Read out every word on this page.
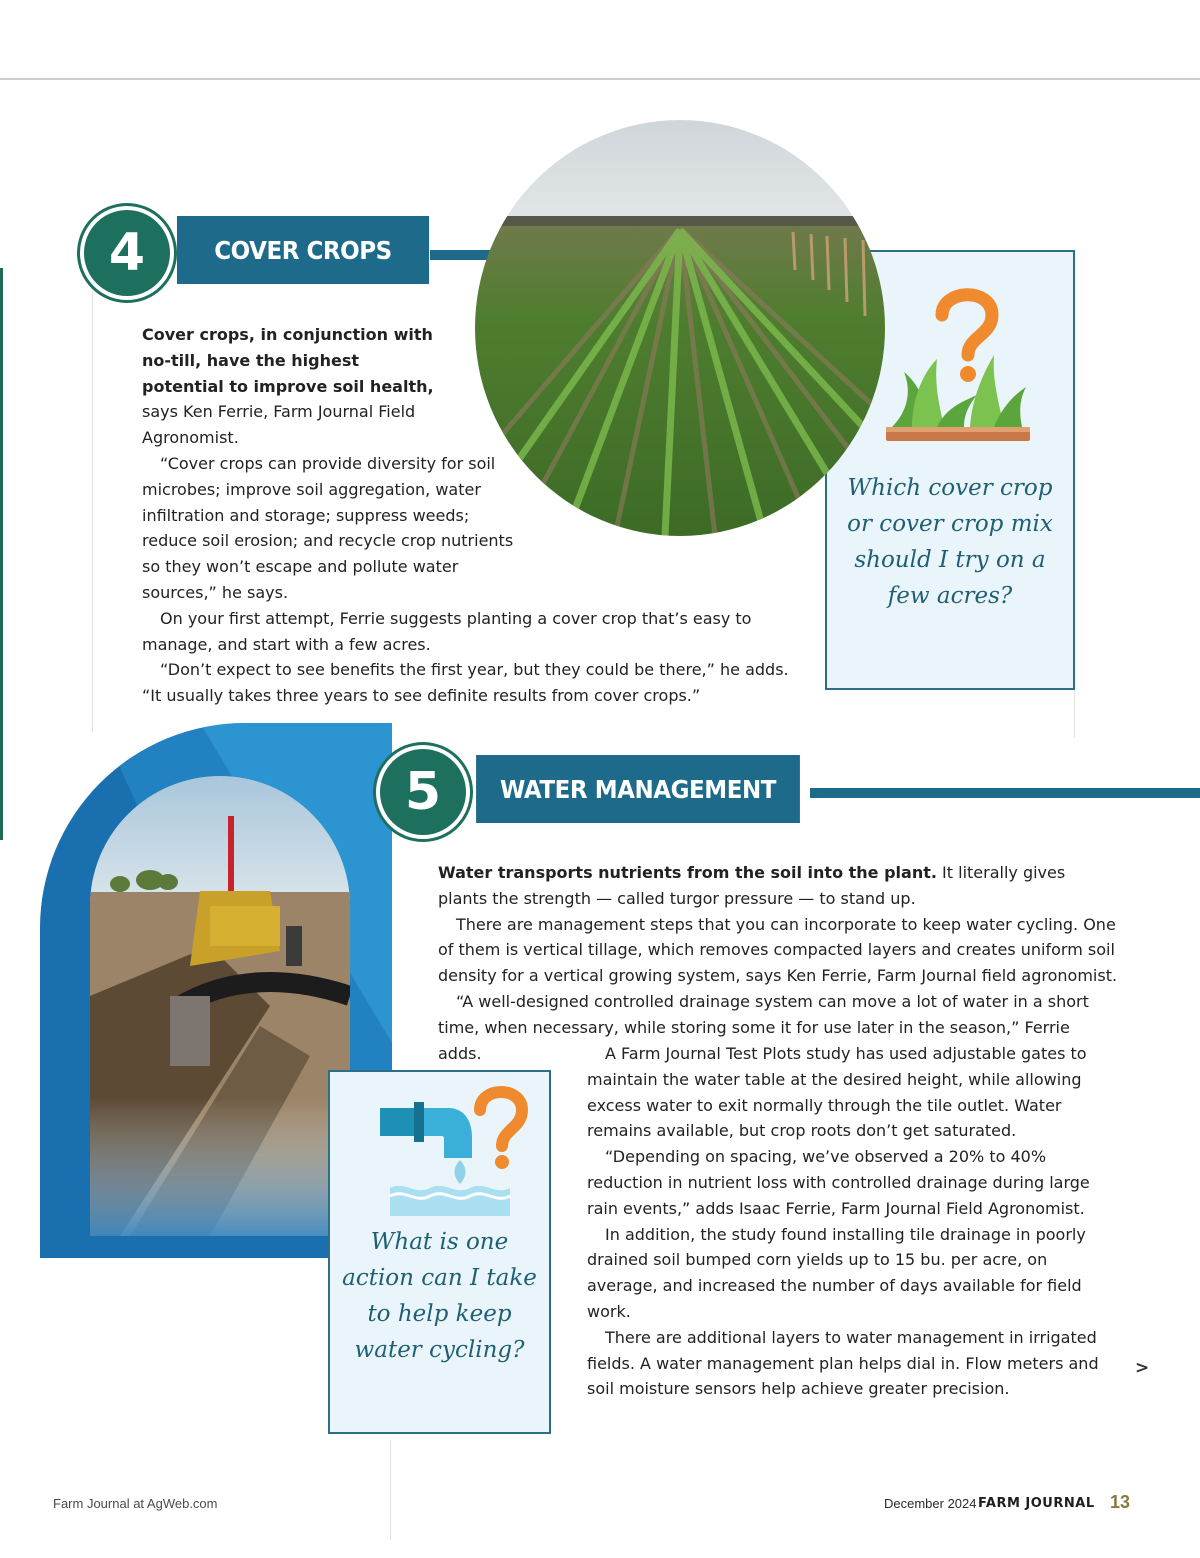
COVER CROPS
4
Which cover crop or cover crop mix should I try on a few acres?

Cover crops, in conjunction with no-till, have the highest potential to improve soil health, says Ken Ferrie, Farm Journal Field Agronomist.

“Cover crops can provide diversity for soil microbes; improve soil aggregation, water infiltration and storage; suppress weeds; reduce soil erosion; and recycle crop nutrients so they won’t escape and pollute water sources,” he says.

On your first attempt, Ferrie suggests planting a cover crop that’s easy to manage, and start with a few acres.

“Don’t expect to see benefits the first year, but they could be there,” he adds. “It usually takes three years to see definite results from cover crops.”

WATER MANAGEMENT
5
What is one action can I take to help keep water cycling?

Water transports nutrients from the soil into the plant. It literally gives plants the strength — called turgor pressure — to stand up.

There are management steps that you can incorporate to keep water cycling. One of them is vertical tillage, which removes compacted layers and creates uniform soil density for a vertical growing system, says Ken Ferrie, Farm Journal field agronomist.

“A well-designed controlled drainage system can move a lot of water in a short time, when necessary, while storing some it for use later in the season,” Ferrie adds.	A Farm Journal Test Plots study has used adjustable gates to maintain the water table at the desired height, while allowing excess water to exit normally through the tile outlet. Water remains available, but crop roots don’t get saturated.

“Depending on spacing, we’ve observed a 20% to 40% reduction in nutrient loss with controlled drainage during large rain events,” adds Isaac Ferrie, Farm Journal Field Agronomist.

In addition, the study found installing tile drainage in poorly drained soil bumped corn yields up to 15 bu. per acre, on average, and increased the number of days available for field work.

There are additional layers to water management in irrigated fields. A water management plan helps dial in. Flow meters and soil moisture sensors help achieve greater precision.

>
Farm Journal at AgWeb.com	December 2024 FARM JOURNAL 13
